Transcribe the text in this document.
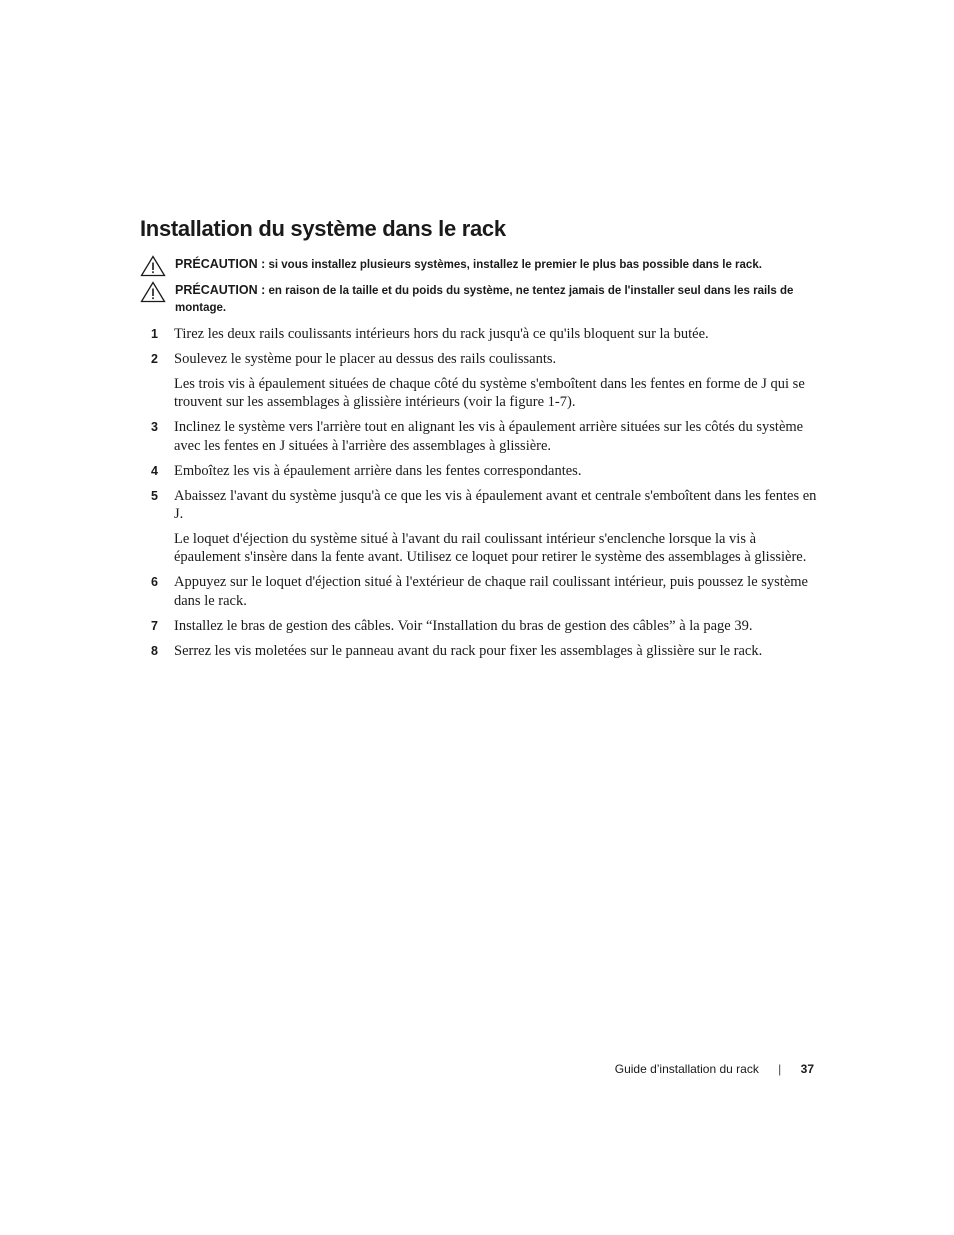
Installation du système dans le rack
PRÉCAUTION : si vous installez plusieurs systèmes, installez le premier le plus bas possible dans le rack.
PRÉCAUTION : en raison de la taille et du poids du système, ne tentez jamais de l'installer seul dans les rails de montage.
1 Tirez les deux rails coulissants intérieurs hors du rack jusqu'à ce qu'ils bloquent sur la butée.

2 Soulevez le système pour le placer au dessus des rails coulissants.

Les trois vis à épaulement situées de chaque côté du système s'emboîtent dans les fentes en forme de J qui se trouvent sur les assemblages à glissière intérieurs (voir la figure 1-7).

3 Inclinez le système vers l'arrière tout en alignant les vis à épaulement arrière situées sur les côtés du système avec les fentes en J situées à l'arrière des assemblages à glissière.

4 Emboîtez les vis à épaulement arrière dans les fentes correspondantes.

5 Abaissez l'avant du système jusqu'à ce que les vis à épaulement avant et centrale s'emboîtent dans les fentes en J.

Le loquet d'éjection du système situé à l'avant du rail coulissant intérieur s'enclenche lorsque la vis à épaulement s'insère dans la fente avant. Utilisez ce loquet pour retirer le système des assemblages à glissière.

6 Appuyez sur le loquet d'éjection situé à l'extérieur de chaque rail coulissant intérieur, puis poussez le système dans le rack.

7 Installez le bras de gestion des câbles. Voir “Installation du bras de gestion des câbles” à la page 39.

8 Serrez les vis moletées sur le panneau avant du rack pour fixer les assemblages à glissière sur le rack.

Guide d’installation du rack | 37
